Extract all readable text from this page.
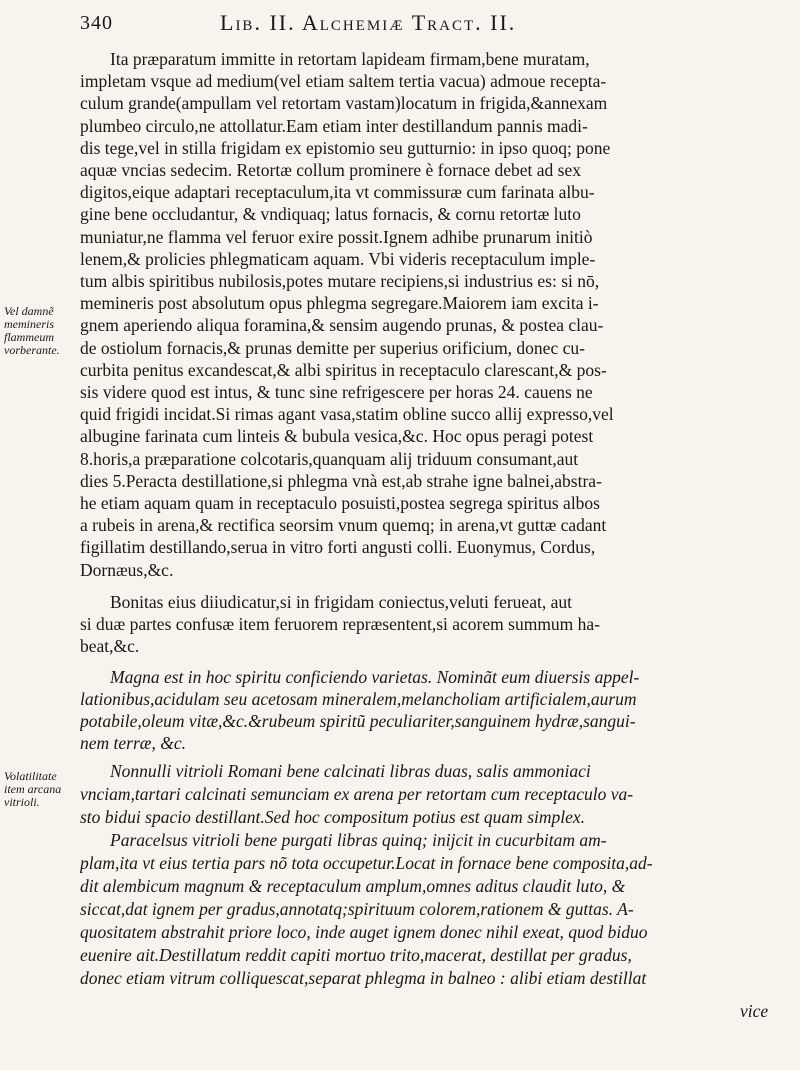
340	Lib. II. Alchemiæ Tract. II.
Vel damnẽ memineris flammeum vorberante.
Volatilitate item arcana vitrioli.
Ita præparatum immitte in retortam lapideam firmam,bene muratam,
impletam vsque ad medium(vel etiam saltem tertia vacua) admoue recepta-
culum grande(ampullam vel retortam vastam)locatum in frigida,&annexam
plumbeo circulo,ne attollatur.Eam etiam inter destillandum pannis madi-
dis tege,vel in stilla frigidam ex epistomio seu gutturnio: in ipso quoq; pone
aquæ vncias sedecim. Retortæ collum prominere è fornace debet ad sex
digitos,eique adaptari receptaculum,ita vt commissuræ cum farinata albu-
gine bene occludantur, & vndiquaq; latus fornacis, & cornu retortæ luto
muniatur,ne flamma vel feruor exire possit.Ignem adhibe prunarum initiò
lenem,& prolicies phlegmaticam aquam. Vbi videris receptaculum imple-
tum albis spiritibus nubilosis,potes mutare recipiens,si industrius es: si nō,
memineris post absolutum opus phlegma segregare.Maiorem iam excita i-
gnem aperiendo aliqua foramina,& sensim augendo prunas, & postea clau-
de ostiolum fornacis,& prunas demitte per superius orificium, donec cu-
curbita penitus excandescat,& albi spiritus in receptaculo clarescant,& pos-
sis videre quod est intus, & tunc sine refrigescere per horas 24. cauens ne
quid frigidi incidat.Si rimas agant vasa,statim obline succo allij expresso,vel
albugine farinata cum linteis & bubula vesica,&c. Hoc opus peragi potest
8.horis,a præparatione colcotaris,quanquam alij triduum consumant,aut
dies 5.Peracta destillatione,si phlegma vnà est,ab strahe igne balnei,abstra-
he etiam aquam quam in receptaculo posuisti,postea segrega spiritus albos
a rubeis in arena,& rectifica seorsim vnum quemq; in arena,vt guttæ cadant
figillatim destillando,serua in vitro forti angusti colli. Euonymus, Cordus,
Dornæus,&c.
Bonitas eius diiudicatur,si in frigidam coniectus,veluti ferueat, aut
si duæ partes confusæ item feruorem repræsentent,si acorem summum ha-
beat,&c.
Magna est in hoc spiritu conficiendo varietas. Nominãt eum diuersis appel-
lationibus,acidulam seu acetosam mineralem,melancholiam artificialem,aurum
potabile,oleum vitæ,&c.&rubeum spiritũ peculiariter,sanguinem hydræ,sangui-
nem terræ, &c.
Nonnulli vitrioli Romani bene calcinati libras duas, salis ammoniaci
vnciam,tartari calcinati semunciam ex arena per retortam cum receptaculo va-
sto bidui spacio destillant.Sed hoc compositum potius est quam simplex.
Paracelsus vitrioli bene purgati libras quinq; inijcit in cucurbitam am-
plam,ita vt eius tertia pars nõ tota occupetur.Locat in fornace bene composita,ad-
dit alembicum magnum & receptaculum amplum,omnes aditus claudit luto, &
siccat,dat ignem per gradus,annotatq;spirituum colorem,rationem & guttas. A-
quositatem abstrahit priore loco, inde auget ignem donec nihil exeat, quod biduo
euenire ait.Destillatum reddit capiti mortuo trito,macerat, destillat per gradus,
donec etiam vitrum colliquescat,separat phlegma in balneo : alibi etiam destillat
vice
